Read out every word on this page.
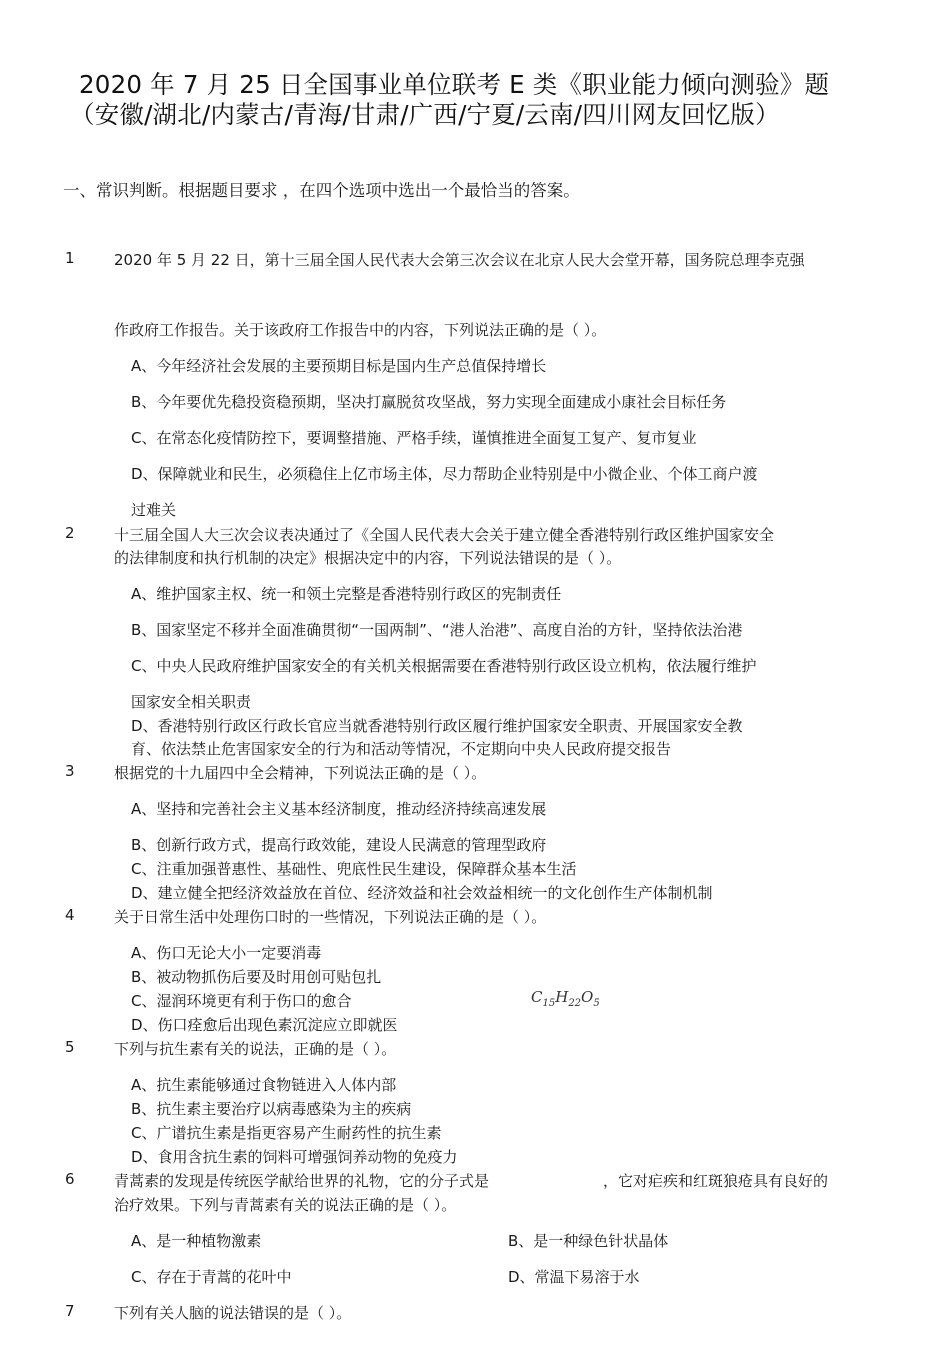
2020 年 7 月 25 日全国事业单位联考 E 类《职业能力倾向测验》题
（安徽/湖北/内蒙古/青海/甘肃/广西/宁夏/云南/四川网友回忆版）
一、常识判断。根据题目要求 ，在四个选项中选出一个最恰当的答案。
1	2020 年 5 月 22 日，第十三届全国人民代表大会第三次会议在北京人民大会堂开幕，国务院总理李克强
作政府工作报告。关于该政府工作报告中的内容，下列说法正确的是（ ）。
A、今年经济社会发展的主要预期目标是国内生产总值保持增长
B、今年要优先稳投资稳预期，坚决打赢脱贫攻坚战，努力实现全面建成小康社会目标任务
C、在常态化疫情防控下，要调整措施、严格手续，谨慎推进全面复工复产、复市复业
D、保障就业和民生，必须稳住上亿市场主体，尽力帮助企业特别是中小微企业、个体工商户渡
过难关
2	十三届全国人大三次会议表决通过了《全国人民代表大会关于建立健全香港特别行政区维护国家安全
的法律制度和执行机制的决定》根据决定中的内容，下列说法错误的是（ ）。
A、维护国家主权、统一和领土完整是香港特别行政区的宪制责任
B、国家坚定不移并全面准确贯彻“一国两制”、“港人治港”、高度自治的方针，坚持依法治港
C、中央人民政府维护国家安全的有关机关根据需要在香港特别行政区设立机构，依法履行维护
国家安全相关职责
D、香港特别行政区行政长官应当就香港特别行政区履行维护国家安全职责、开展国家安全教
育、依法禁止危害国家安全的行为和活动等情况，不定期向中央人民政府提交报告
3	根据党的十九届四中全会精神，下列说法正确的是（ ）。
A、坚持和完善社会主义基本经济制度，推动经济持续高速发展
B、创新行政方式，提高行政效能，建设人民满意的管理型政府
C、注重加强普惠性、基础性、兜底性民生建设，保障群众基本生活
D、建立健全把经济效益放在首位、经济效益和社会效益相统一的文化创作生产体制机制
4	关于日常生活中处理伤口时的一些情况，下列说法正确的是（ ）。
A、伤口无论大小一定要消毒
B、被动物抓伤后要及时用创可贴包扎
C、湿润环境更有利于伤口的愈合
D、伤口痊愈后出现色素沉淀应立即就医
$C_{15}H_{22}O_5$
5	下列与抗生素有关的说法，正确的是（ ）。
A、抗生素能够通过食物链进入人体内部
B、抗生素主要治疗以病毒感染为主的疾病
C、广谱抗生素是指更容易产生耐药性的抗生素
D、食用含抗生素的饲料可增强饲养动物的免疫力
6	青蒿素的发现是传统医学献给世界的礼物，它的分子式是	，它对疟疾和红斑狼疮具有良好的
治疗效果。下列与青蒿素有关的说法正确的是（ ）。
A、是一种植物激素	B、是一种绿色针状晶体
C、存在于青蒿的花叶中	D、常温下易溶于水
7	下列有关人脑的说法错误的是（ ）。
